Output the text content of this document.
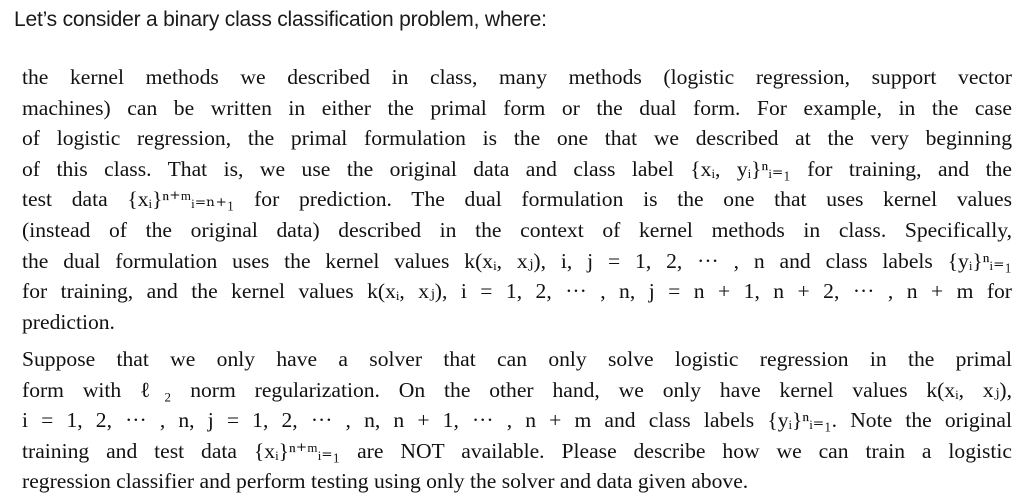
Let’s consider a binary class classification problem, where:
the kernel methods we described in class, many methods (logistic regression, support vector
machines) can be written in either the primal form or the dual form. For example, in the case
of logistic regression, the primal formulation is the one that we described at the very beginning
of this class. That is, we use the original data and class label {xᵢ, yᵢ}ⁿᵢ₌₁ for training, and the
test data {xᵢ}ⁿ⁺ᵐᵢ₌ₙ₊₁ for prediction. The dual formulation is the one that uses kernel values
(instead of the original data) described in the context of kernel methods in class. Specifically,
the dual formulation uses the kernel values k(xᵢ, xⱼ), i, j = 1, 2, ··· , n and class labels {yᵢ}ⁿᵢ₌₁
for training, and the kernel values k(xᵢ, xⱼ), i = 1, 2, ··· , n, j = n + 1, n + 2, ··· , n + m for
prediction.
Suppose that we only have a solver that can only solve logistic regression in the primal
form with ℓ₂ norm regularization. On the other hand, we only have kernel values k(xᵢ, xⱼ),
i = 1, 2, ··· , n, j = 1, 2, ··· , n, n + 1, ··· , n + m and class labels {yᵢ}ⁿᵢ₌₁. Note the original
training and test data {xᵢ}ⁿ⁺ᵐᵢ₌₁ are NOT available. Please describe how we can train a logistic
regression classifier and perform testing using only the solver and data given above.
